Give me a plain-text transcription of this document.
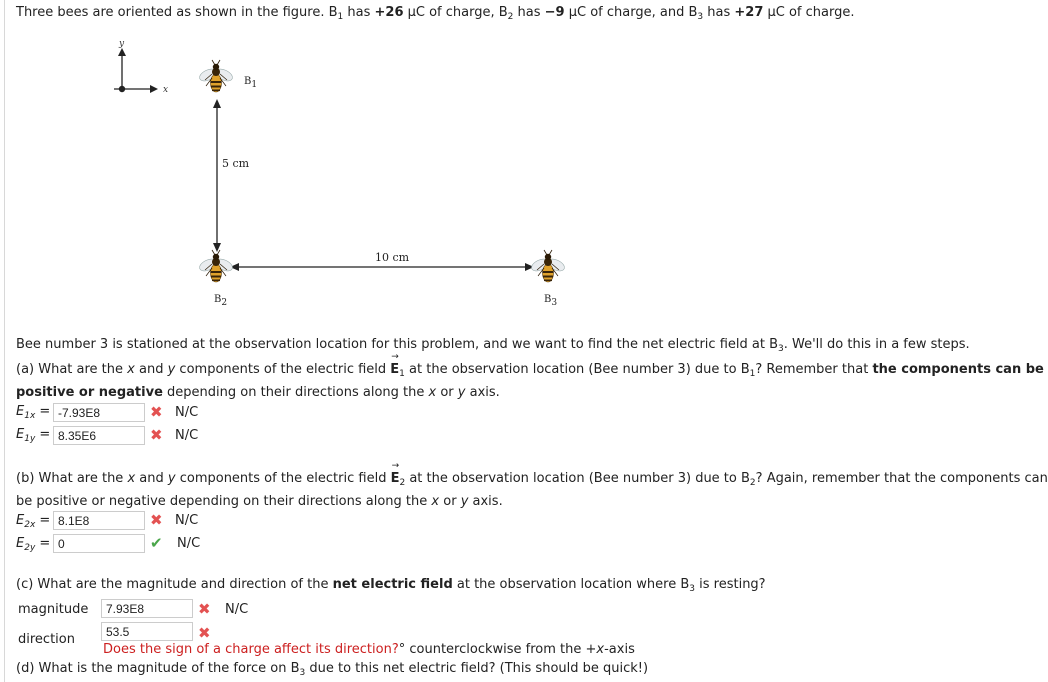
Three bees are oriented as shown in the figure. $B_1$ has +26 μC of charge, $B_2$ has −9 μC of charge, and $B_3$ has +27 μC of charge.
y
x
$B_1$
5 cm
10 cm
$B_2$	$B_3$
Bee number 3 is stationed at the observation location for this problem, and we want to find the net electric field at $B_3$. We'll do this in a few steps.
(a) What are the x and y components of the electric field → $E_1$ at the observation location (Bee number 3) due to $B_1$? Remember that the components can be
positive or negative depending on their directions along the x or y axis.
$E_{1x} = -7.93E8$	✖ N/C
$E_{1y} = 8.35E6$	✖ N/C
(b) What are the x and y components of the electric field → $E_2$ at the observation location (Bee number 3) due to $B_2$? Again, remember that the components can
be positive or negative depending on their directions along the x or y axis.
$E_{2x} = 8.1E8$	✖ N/C
$E_{2y} = 0$	✔ N/C
(c) What are the magnitude and direction of the net electric field at the observation location where $B_3$ is resting?
magnitude	7.93E8	✖ N/C
direction	53.5	✖
Does the sign of a charge affect its direction?° counterclockwise from the +x-axis
(d) What is the magnitude of the force on $B_3$ due to this net electric field? (This should be quick!)
